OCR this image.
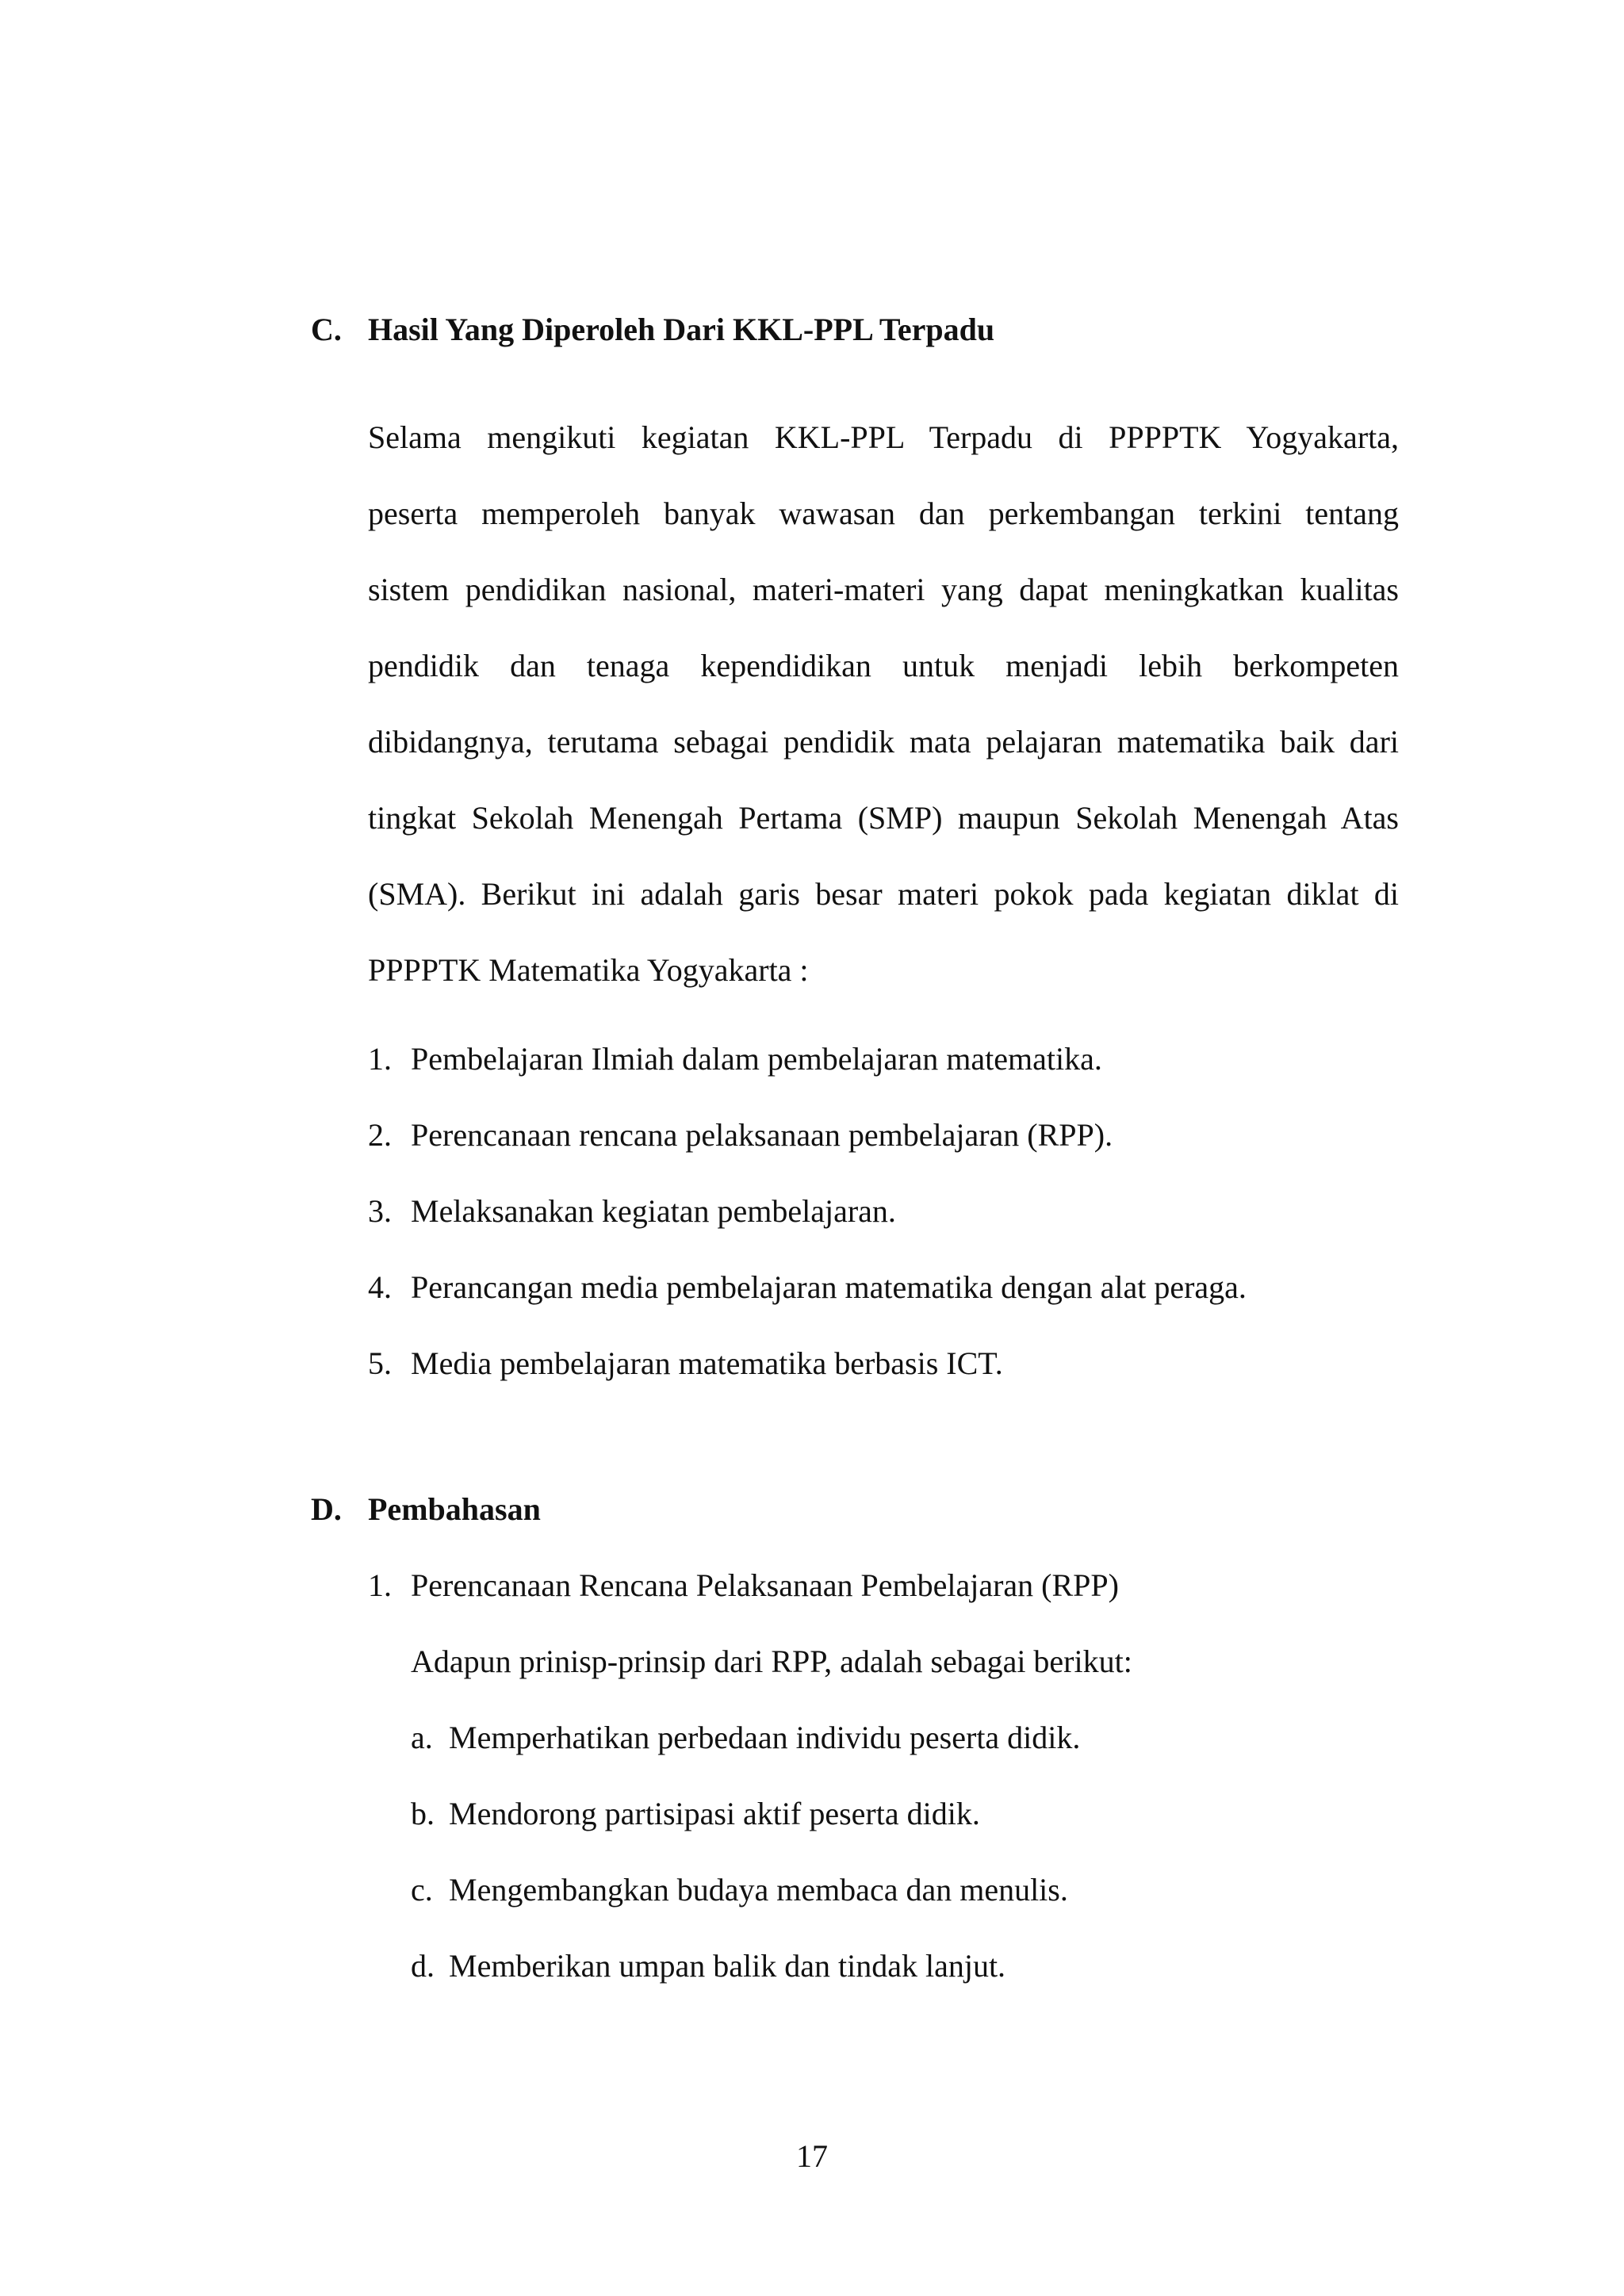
C. Hasil Yang Diperoleh Dari KKL-PPL Terpadu
Selama mengikuti kegiatan KKL-PPL Terpadu di PPPPTK Yogyakarta,
peserta memperoleh banyak wawasan dan perkembangan terkini tentang
sistem pendidikan nasional, materi-materi yang dapat meningkatkan kualitas
pendidik dan tenaga kependidikan untuk menjadi lebih berkompeten
dibidangnya, terutama sebagai pendidik mata pelajaran matematika baik dari
tingkat Sekolah Menengah Pertama (SMP) maupun Sekolah Menengah Atas
(SMA). Berikut ini adalah garis besar materi pokok pada kegiatan diklat di
PPPPTK Matematika Yogyakarta :
1. Pembelajaran Ilmiah dalam pembelajaran matematika.
2. Perencanaan rencana pelaksanaan pembelajaran (RPP).
3. Melaksanakan kegiatan pembelajaran.
4. Perancangan media pembelajaran matematika dengan alat peraga.
5. Media pembelajaran matematika berbasis ICT.
D. Pembahasan
1. Perencanaan Rencana Pelaksanaan Pembelajaran (RPP)
Adapun prinisp-prinsip dari RPP, adalah sebagai berikut:
a. Memperhatikan perbedaan individu peserta didik.
b. Mendorong partisipasi aktif peserta didik.
c. Mengembangkan budaya membaca dan menulis.
d. Memberikan umpan balik dan tindak lanjut.
17
